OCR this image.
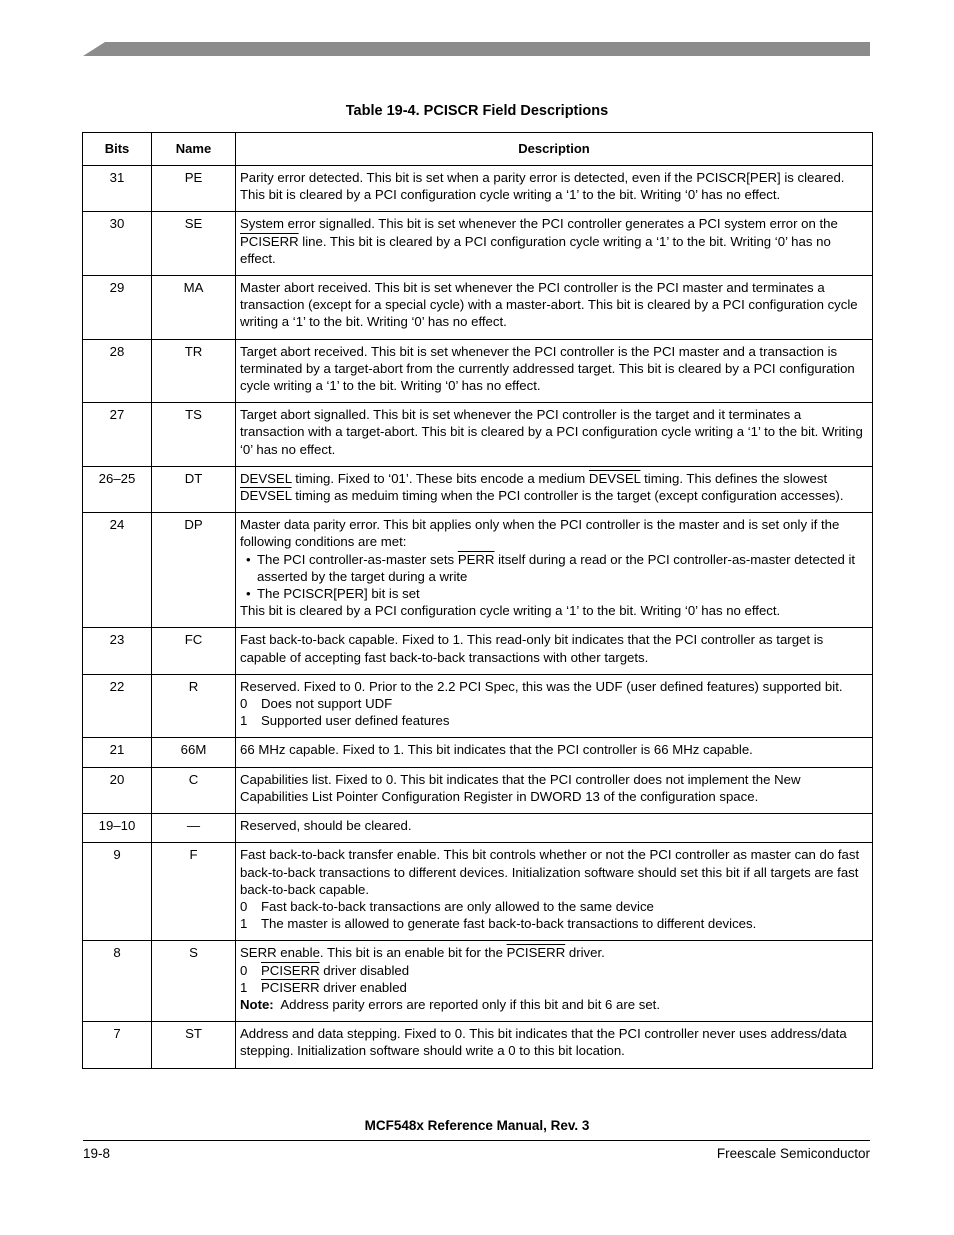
Table 19-4. PCISCR Field Descriptions
Bits	Name	Description
31	PE	Parity error detected. This bit is set when a parity error is detected, even if the PCISCR[PER] is cleared. This bit is cleared by a PCI configuration cycle writing a ‘1’ to the bit. Writing ‘0’ has no effect.

30	SE	System error signalled. This bit is set whenever the PCI controller generates a PCI system error on the PCISERR line. This bit is cleared by a PCI configuration cycle writing a ‘1’ to the bit. Writing ‘0’ has no effect.

29	MA	Master abort received. This bit is set whenever the PCI controller is the PCI master and terminates a transaction (except for a special cycle) with a master-abort. This bit is cleared by a PCI configuration cycle writing a ‘1’ to the bit. Writing ‘0’ has no effect.

28	TR	Target abort received. This bit is set whenever the PCI controller is the PCI master and a transaction is terminated by a target-abort from the currently addressed target. This bit is cleared by a PCI configuration cycle writing a ‘1’ to the bit. Writing ‘0’ has no effect.

27	TS	Target abort signalled. This bit is set whenever the PCI controller is the target and it terminates a transaction with a target-abort. This bit is cleared by a PCI configuration cycle writing a ‘1’ to the bit. Writing ‘0’ has no effect.

26–25	DT	DEVSEL timing. Fixed to ‘01’. These bits encode a medium DEVSEL timing. This defines the slowest DEVSEL timing as meduim timing when the PCI controller is the target (except configuration accesses).

24	DP	Master data parity error. This bit applies only when the PCI controller is the master and is set only if the following conditions are met:
• The PCI controller-as-master sets PERR itself during a read or the PCI controller-as-master detected it asserted by the target during a write
• The PCISCR[PER] bit is set
This bit is cleared by a PCI configuration cycle writing a ‘1’ to the bit. Writing ‘0’ has no effect.

23	FC	Fast back-to-back capable. Fixed to 1. This read-only bit indicates that the PCI controller as target is capable of accepting fast back-to-back transactions with other targets.

22	R	Reserved. Fixed to 0. Prior to the 2.2 PCI Spec, this was the UDF (user defined features) supported bit.
0 Does not support UDF
1 Supported user defined features

21	66M	66 MHz capable. Fixed to 1. This bit indicates that the PCI controller is 66 MHz capable.

20	C	Capabilities list. Fixed to 0. This bit indicates that the PCI controller does not implement the New Capabilities List Pointer Configuration Register in DWORD 13 of the configuration space.

19–10	—	Reserved, should be cleared.

9	F	Fast back-to-back transfer enable. This bit controls whether or not the PCI controller as master can do fast back-to-back transactions to different devices. Initialization software should set this bit if all targets are fast back-to-back capable.
0 Fast back-to-back transactions are only allowed to the same device
1 The master is allowed to generate fast back-to-back transactions to different devices.

8	S	SERR enable. This bit is an enable bit for the PCISERR driver.
0 PCISERR driver disabled
1 PCISERR driver enabled
Note: Address parity errors are reported only if this bit and bit 6 are set.

7	ST	Address and data stepping. Fixed to 0. This bit indicates that the PCI controller never uses address/data stepping. Initialization software should write a 0 to this bit location.
MCF548x Reference Manual, Rev. 3
19-8	Freescale Semiconductor
